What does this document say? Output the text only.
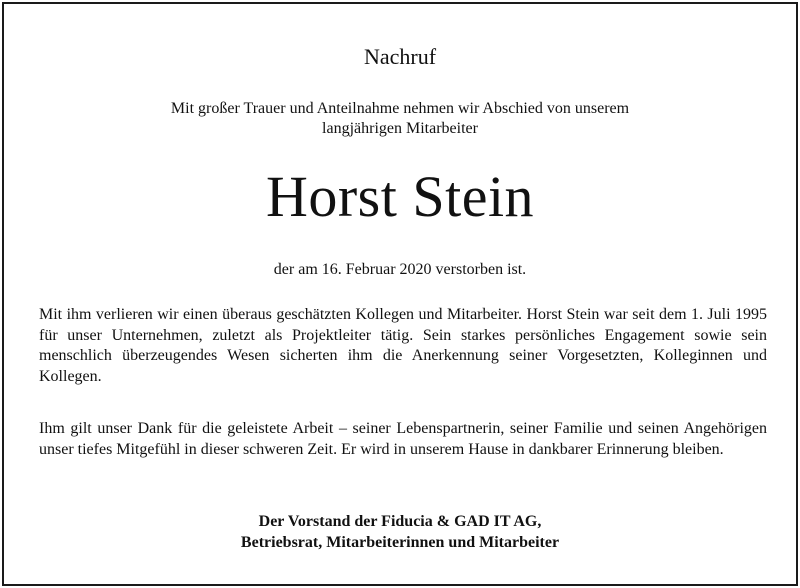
Nachruf
Mit großer Trauer und Anteilnahme nehmen wir Abschied von unserem
langjährigen Mitarbeiter
Horst Stein
der am 16. Februar 2020 verstorben ist.
Mit ihm verlieren wir einen überaus geschätzten Kollegen und Mitarbeiter. Horst Stein war seit dem 1. Juli 1995 für unser Unternehmen, zuletzt als Projektleiter tätig. Sein starkes persönliches Engagement sowie sein menschlich überzeugendes Wesen sicherten ihm die Anerkennung seiner Vorgesetzten, Kolleginnen und Kollegen.
Ihm gilt unser Dank für die geleistete Arbeit – seiner Lebenspartnerin, seiner Familie und seinen Angehörigen unser tiefes Mitgefühl in dieser schweren Zeit. Er wird in unserem Hause in dankbarer Erinnerung bleiben.
Der Vorstand der Fiducia & GAD IT AG,
Betriebsrat, Mitarbeiterinnen und Mitarbeiter
